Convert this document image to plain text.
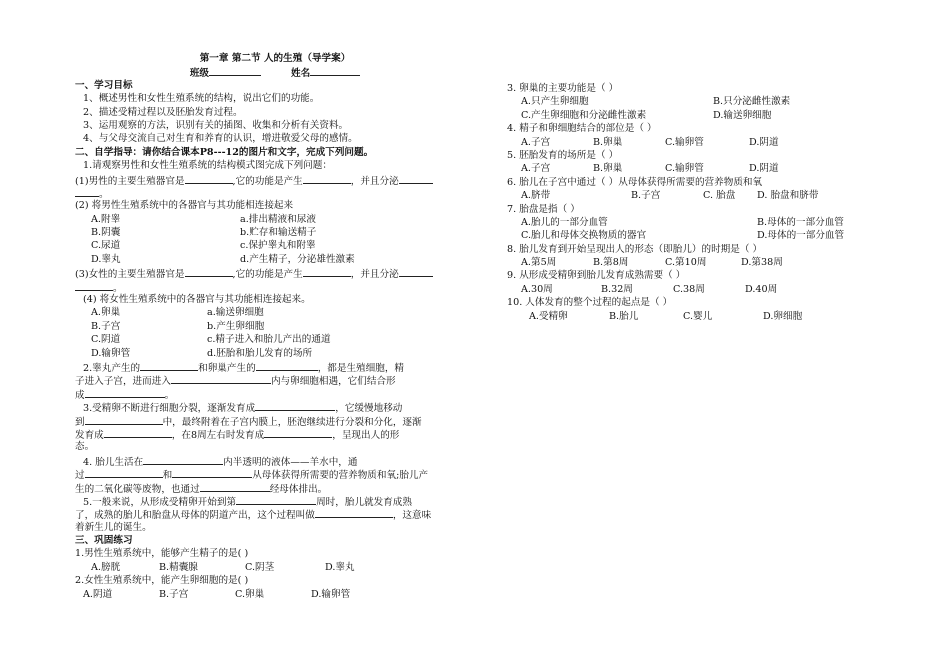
第一章 第二节 人的生殖（导学案）
班级	姓名
一、学习目标
1、概述男性和女性生殖系统的结构，说出它们的功能。
2、描述受精过程以及胚胎发育过程。
3、运用观察的方法，识别有关的插图、收集和分析有关资料。
4、与父母交流自己对生育和养育的认识，增进敬爱父母的感情。
二、自学指导：请你结合课本P8---12的图片和文字，完成下列问题。
1.请观察男性和女性生殖系统的结构模式图完成下列问题：
(1)男性的主要生殖器官是	,它的功能是产生	，并且分泌
。
(2) 将男性生殖系统中的各器官与其功能相连接起来
A.附睾	a.排出精液和尿液
B.阴囊	b.贮存和输送精子
C.尿道	c.保护睾丸和附睾
D.睾丸	d.产生精子，分泌雄性激素
(3)女性的主要生殖器官是	,它的功能是产生	，并且分泌
。
(4) 将女性生殖系统中的各器官与其功能相连接起来。
A.卵巢	a.输送卵细胞
B.子宫	b.产生卵细胞
C.阴道	c.精子进入和胎儿产出的通道
D.输卵管	d.胚胎和胎儿发育的场所
2.睾丸产生的	和卵巢产生的	，都是生殖细胞，精
子进入子宫，进而进入	内与卵细胞相遇，它们结合形
成	。
3.受精卵不断进行细胞分裂，逐渐发育成	，它缓慢地移动
到	中，最终附着在子宫内膜上，胚泡继续进行分裂和分化，逐渐
发育成	，在8周左右时发育成	，呈现出人的形
态。
4. 胎儿生活在	内半透明的液体——羊水中，通
过	和	从母体获得所需要的营养物质和氧;胎儿产
生的二氧化碳等废物，也通过	经母体排出。
5.一般来说，从形成受精卵开始到第	周时，胎儿就发育成熟
了，成熟的胎儿和胎盘从母体的阴道产出，这个过程叫做	，这意味
着新生儿的诞生。
三、巩固练习
1.男性生殖系统中，能够产生精子的是( )
A.膀胱	B.精囊腺	C.阴茎	D.睾丸
2.女性生殖系统中，能产生卵细胞的是( )
A.阴道	B.子宫	C.卵巢	D.输卵管
3. 卵巢的主要功能是（ ）
A.只产生卵细胞	B.只分泌雌性激素
C.产生卵细胞和分泌雌性激素	D.输送卵细胞
4. 精子和卵细胞结合的部位是（ ）
A.子宫	B.卵巢	C.输卵管	D.阴道
5. 胚胎发育的场所是（ ）
A.子宫	B.卵巢	C.输卵管	D.阴道
6. 胎儿在子宫中通过（ ）从母体获得所需要的营养物质和氧
A.脐带	B.子宫	C. 胎盘 D. 胎盘和脐带
7. 胎盘是指（ ）
A.胎儿的一部分血管	B.母体的一部分血管
C.胎儿和母体交换物质的器官	D.母体的一部分血管
8. 胎儿发育到开始呈现出人的形态（即胎儿）的时期是（ ）
A.第5周	B.第8周	C.第10周	D.第38周
9. 从形成受精卵到胎儿发育成熟需要（ ）
A.30周	B.32周	C.38周	D.40周
10. 人体发育的整个过程的起点是（ ）
A.受精卵	B.胎儿	C.婴儿	D.卵细胞
